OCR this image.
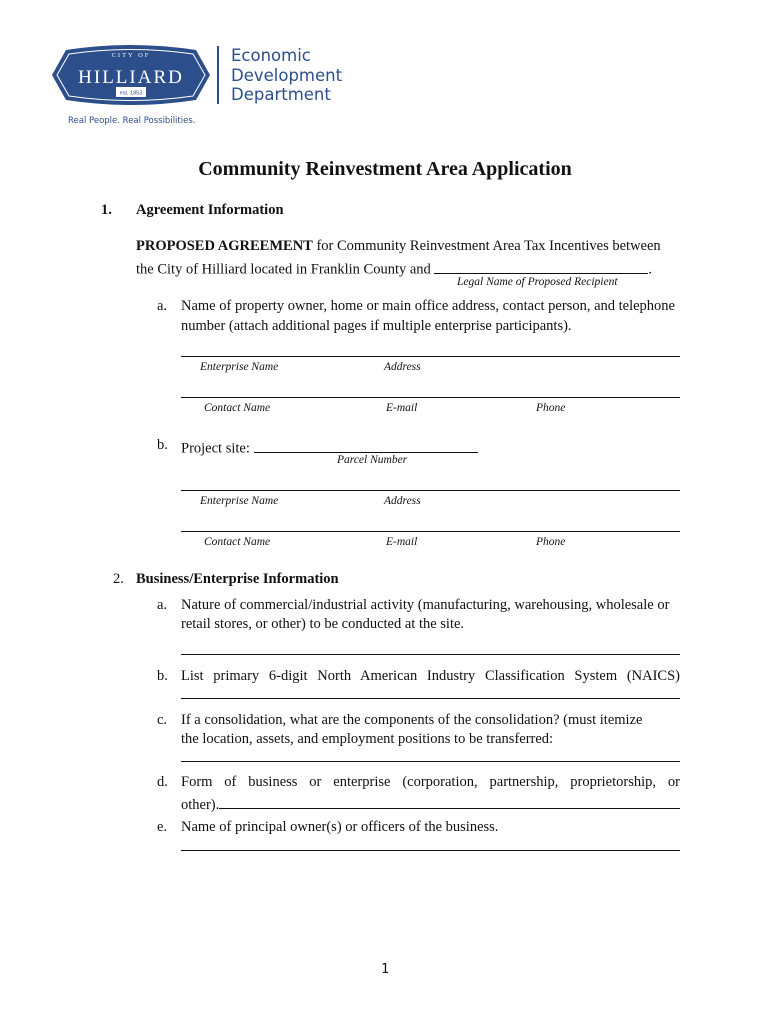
CITY OF
HILLIARD
est. 1853
Real People. Real Possibilities.
Economic
Development
Department
Community Reinvestment Area Application
1. Agreement Information
PROPOSED AGREEMENT for Community Reinvestment Area Tax Incentives between
the City of Hilliard located in Franklin County and	.
Legal Name of Proposed Recipient
a. Name of property owner, home or main office address, contact person, and telephone
number (attach additional pages if multiple enterprise participants).
Enterprise Name	Address
Contact Name	E-mail	Phone
b. Project site:
Parcel Number
Enterprise Name	Address
Contact Name	E-mail	Phone
2. Business/Enterprise Information
a. Nature of commercial/industrial activity (manufacturing, warehousing, wholesale or
retail stores, or other) to be conducted at the site.
b. List primary 6-digit North American Industry Classification System (NAICS)
c. If a consolidation, what are the components of the consolidation? (must itemize
the location, assets, and employment positions to be transferred:
d. Form of business or enterprise (corporation, partnership, proprietorship, or
other).
e. Name of principal owner(s) or officers of the business.
1
